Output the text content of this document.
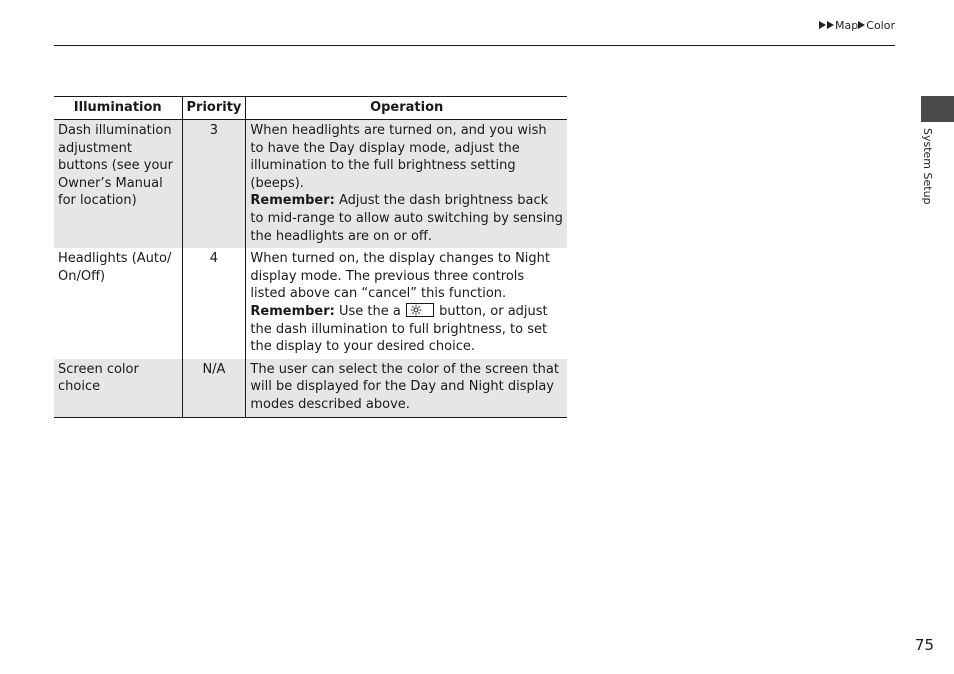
Map Color
System Setup
Illumination	Priority	Operation
Dash illumination adjustment buttons (see your Owner’s Manual for location)	3	When headlights are turned on, and you wish to have the Day display mode, adjust the illumination to the full brightness setting (beeps).
Remember: Adjust the dash brightness back to mid-range to allow auto switching by sensing the headlights are on or off.
Headlights (Auto/ On/Off)	4	When turned on, the display changes to Night display mode. The previous three controls listed above can “cancel” this function.
Remember: Use the a
button, or adjust the dash illumination to full brightness, to set the display to your desired choice.
Screen color choice	N/A	The user can select the color of the screen that will be displayed for the Day and Night display modes described above.
75
